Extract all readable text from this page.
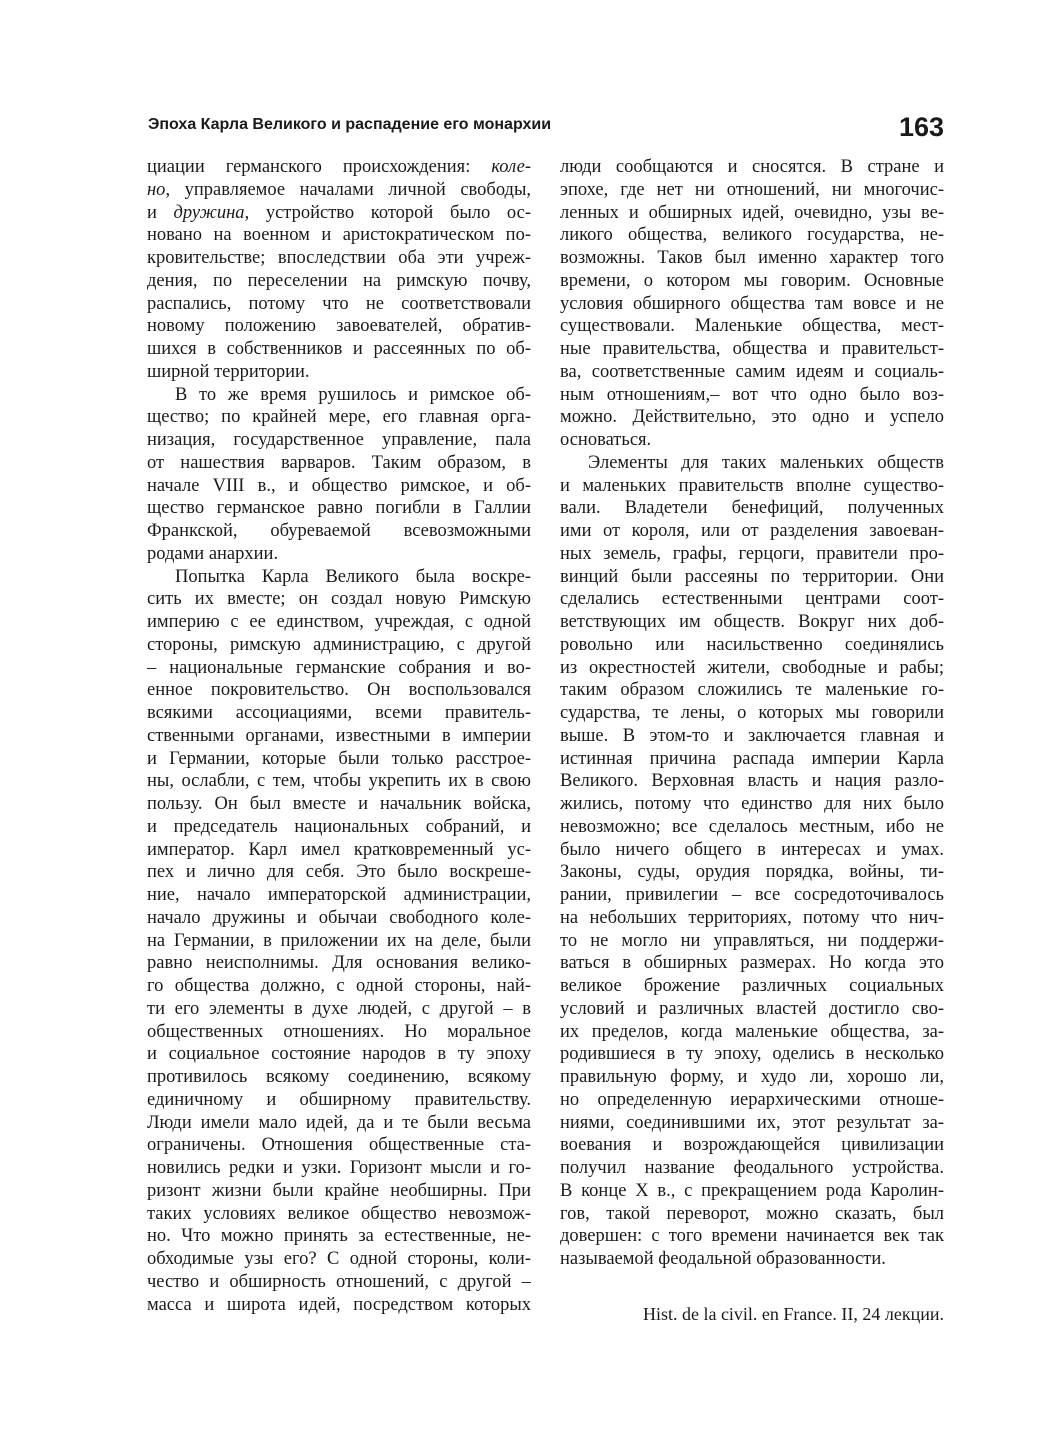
Эпоха Карла Великого и распадение его монархии	163
циации германского происхождения: коле-
но, управляемое началами личной свободы,
и дружина, устройство которой было ос-
новано на военном и аристократическом по-
кровительстве; впоследствии оба эти учреж-
дения, по переселении на римскую почву,
распались, потому что не соответствовали
новому положению завоевателей, обратив-
шихся в собственников и рассеянных по об-
ширной территории.
В то же время рушилось и римское об-
щество; по крайней мере, его главная орга-
низация, государственное управление, пала
от нашествия варваров. Таким образом, в
начале VIII в., и общество римское, и об-
щество германское равно погибли в Галлии
Франкской, обуреваемой всевозможными
родами анархии.
Попытка Карла Великого была воскре-
сить их вместе; он создал новую Римскую
империю с ее единством, учреждая, с одной
стороны, римскую администрацию, с другой
– национальные германские собрания и во-
енное покровительство. Он воспользовался
всякими ассоциациями, всеми правитель-
ственными органами, известными в империи
и Германии, которые были только расстрое-
ны, ослабли, с тем, чтобы укрепить их в свою
пользу. Он был вместе и начальник войска,
и председатель национальных собраний, и
император. Карл имел кратковременный ус-
пех и лично для себя. Это было воскреше-
ние, начало императорской администрации,
начало дружины и обычаи свободного коле-
на Германии, в приложении их на деле, были
равно неисполнимы. Для основания велико-
го общества должно, с одной стороны, най-
ти его элементы в духе людей, с другой – в
общественных отношениях. Но моральное
и социальное состояние народов в ту эпоху
противилось всякому соединению, всякому
единичному и обширному правительству.
Люди имели мало идей, да и те были весьма
ограничены. Отношения общественные ста-
новились редки и узки. Горизонт мысли и го-
ризонт жизни были крайне необширны. При
таких условиях великое общество невозмож-
но. Что можно принять за естественные, не-
обходимые узы его? С одной стороны, коли-
чество и обширность отношений, с другой –
масса и широта идей, посредством которых
люди сообщаются и сносятся. В стране и
эпохе, где нет ни отношений, ни многочис-
ленных и обширных идей, очевидно, узы ве-
ликого общества, великого государства, не-
возможны. Таков был именно характер того
времени, о котором мы говорим. Основные
условия обширного общества там вовсе и не
существовали. Маленькие общества, мест-
ные правительства, общества и правительст-
ва, соответственные самим идеям и социаль-
ным отношениям,– вот что одно было воз-
можно. Действительно, это одно и успело
основаться.
Элементы для таких маленьких обществ
и маленьких правительств вполне существо-
вали. Владетели бенефиций, полученных
ими от короля, или от разделения завоеван-
ных земель, графы, герцоги, правители про-
винций были рассеяны по территории. Они
сделались естественными центрами соот-
ветствующих им обществ. Вокруг них доб-
ровольно или насильственно соединялись
из окрестностей жители, свободные и рабы;
таким образом сложились те маленькие го-
сударства, те лены, о которых мы говорили
выше. В этом-то и заключается главная и
истинная причина распада империи Карла
Великого. Верховная власть и нация разло-
жились, потому что единство для них было
невозможно; все сделалось местным, ибо не
было ничего общего в интересах и умах.
Законы, суды, орудия порядка, войны, ти-
рании, привилегии – все сосредоточивалось
на небольших территориях, потому что нич-
то не могло ни управляться, ни поддержи-
ваться в обширных размерах. Но когда это
великое брожение различных социальных
условий и различных властей достигло сво-
их пределов, когда маленькие общества, за-
родившиеся в ту эпоху, оделись в несколько
правильную форму, и худо ли, хорошо ли,
но определенную иерархическими отноше-
ниями, соединившими их, этот результат за-
воевания и возрождающейся цивилизации
получил название феодального устройства.
В конце X в., с прекращением рода Каролин-
гов, такой переворот, можно сказать, был
довершен: с того времени начинается век так
называемой феодальной образованности.
Hist. de la civil. en France. II, 24 лекции.
